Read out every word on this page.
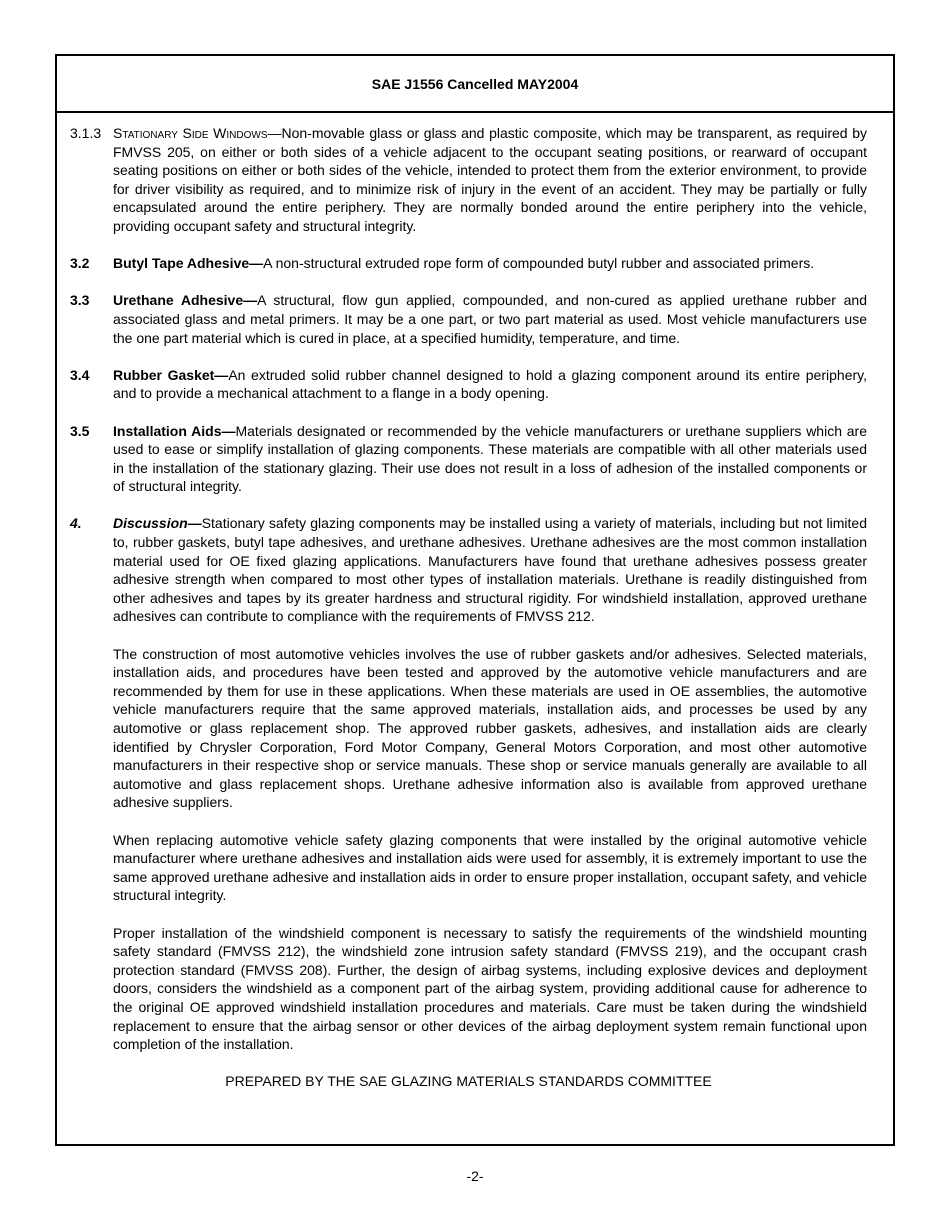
SAE J1556 Cancelled MAY2004
3.1.3 Stationary Side Windows—Non-movable glass or glass and plastic composite, which may be transparent, as required by FMVSS 205, on either or both sides of a vehicle adjacent to the occupant seating positions, or rearward of occupant seating positions on either or both sides of the vehicle, intended to protect them from the exterior environment, to provide for driver visibility as required, and to minimize risk of injury in the event of an accident. They may be partially or fully encapsulated around the entire periphery. They are normally bonded around the entire periphery into the vehicle, providing occupant safety and structural integrity.
3.2	Butyl Tape Adhesive—A non-structural extruded rope form of compounded butyl rubber and associated primers.
3.3	Urethane Adhesive—A structural, flow gun applied, compounded, and non-cured as applied urethane rubber and associated glass and metal primers. It may be a one part, or two part material as used. Most vehicle manufacturers use the one part material which is cured in place, at a specified humidity, temperature, and time.
3.4	Rubber Gasket—An extruded solid rubber channel designed to hold a glazing component around its entire periphery, and to provide a mechanical attachment to a flange in a body opening.
3.5	Installation Aids—Materials designated or recommended by the vehicle manufacturers or urethane suppliers which are used to ease or simplify installation of glazing components. These materials are compatible with all other materials used in the installation of the stationary glazing. Their use does not result in a loss of adhesion of the installed components or of structural integrity.
4.	Discussion—Stationary safety glazing components may be installed using a variety of materials, including but not limited to, rubber gaskets, butyl tape adhesives, and urethane adhesives. Urethane adhesives are the most common installation material used for OE fixed glazing applications. Manufacturers have found that urethane adhesives possess greater adhesive strength when compared to most other types of installation materials. Urethane is readily distinguished from other adhesives and tapes by its greater hardness and structural rigidity. For windshield installation, approved urethane adhesives can contribute to compliance with the requirements of FMVSS 212.
The construction of most automotive vehicles involves the use of rubber gaskets and/or adhesives. Selected materials, installation aids, and procedures have been tested and approved by the automotive vehicle manufacturers and are recommended by them for use in these applications. When these materials are used in OE assemblies, the automotive vehicle manufacturers require that the same approved materials, installation aids, and processes be used by any automotive or glass replacement shop. The approved rubber gaskets, adhesives, and installation aids are clearly identified by Chrysler Corporation, Ford Motor Company, General Motors Corporation, and most other automotive manufacturers in their respective shop or service manuals. These shop or service manuals generally are available to all automotive and glass replacement shops. Urethane adhesive information also is available from approved urethane adhesive suppliers.
When replacing automotive vehicle safety glazing components that were installed by the original automotive vehicle manufacturer where urethane adhesives and installation aids were used for assembly, it is extremely important to use the same approved urethane adhesive and installation aids in order to ensure proper installation, occupant safety, and vehicle structural integrity.
Proper installation of the windshield component is necessary to satisfy the requirements of the windshield mounting safety standard (FMVSS 212), the windshield zone intrusion safety standard (FMVSS 219), and the occupant crash protection standard (FMVSS 208). Further, the design of airbag systems, including explosive devices and deployment doors, considers the windshield as a component part of the airbag system, providing additional cause for adherence to the original OE approved windshield installation procedures and materials. Care must be taken during the windshield replacement to ensure that the airbag sensor or other devices of the airbag deployment system remain functional upon completion of the installation.
PREPARED BY THE SAE GLAZING MATERIALS STANDARDS COMMITTEE
-2-
